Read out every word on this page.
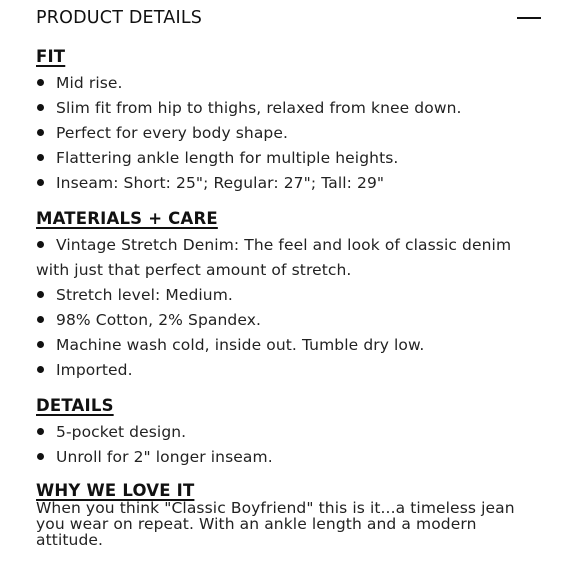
PRODUCT DETAILS
FIT
Mid rise.
Slim fit from hip to thighs, relaxed from knee down.
Perfect for every body shape.
Flattering ankle length for multiple heights.
Inseam: Short: 25"; Regular: 27"; Tall: 29"
MATERIALS + CARE
Vintage Stretch Denim: The feel and look of classic denim with just that perfect amount of stretch.
Stretch level: Medium.
98% Cotton, 2% Spandex.
Machine wash cold, inside out. Tumble dry low.
Imported.
DETAILS
5-pocket design.
Unroll for 2" longer inseam.
WHY WE LOVE IT

When you think "Classic Boyfriend" this is it...a timeless jean you wear on repeat. With an ankle length and a modern attitude.
